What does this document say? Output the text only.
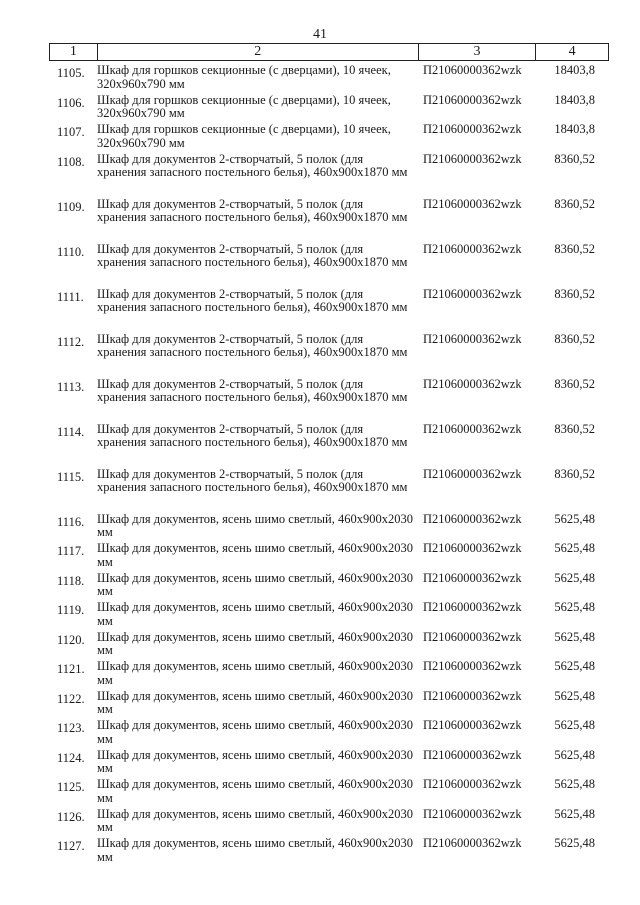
41
1	2	3	4
1105. Шкаф для горшков секционные (с дверцами), 10 ячеек, 320х960х790 мм
П21060000362wzk	18403,8
1106. Шкаф для горшков секционные (с дверцами), 10 ячеек, 320х960х790 мм
П21060000362wzk	18403,8
1107. Шкаф для горшков секционные (с дверцами), 10 ячеек, 320х960х790 мм
П21060000362wzk	18403,8
1108. Шкаф для документов 2-створчатый, 5 полок (для хранения запасного постельного белья), 460х900х1870 мм
П21060000362wzk	8360,52
1109. Шкаф для документов 2-створчатый, 5 полок (для хранения запасного постельного белья), 460х900х1870 мм
П21060000362wzk	8360,52
1110.	Шкаф для документов 2-створчатый, 5 полок (для хранения запасного постельного белья), 460х900х1870 мм
П21060000362wzk	8360,52
1111.	Шкаф для документов 2-створчатый, 5 полок (для хранения запасного постельного белья), 460х900х1870 мм
П21060000362wzk	8360,52
1112.	Шкаф для документов 2-створчатый, 5 полок (для хранения запасного постельного белья), 460х900х1870 мм
П21060000362wzk	8360,52
1113.	Шкаф для документов 2-створчатый, 5 полок (для хранения запасного постельного белья), 460х900х1870 мм
П21060000362wzk	8360,52
1114.	Шкаф для документов 2-створчатый, 5 полок (для хранения запасного постельного белья), 460х900х1870 мм
П21060000362wzk	8360,52
1115.	Шкаф для документов 2-створчатый, 5 полок (для хранения запасного постельного белья), 460х900х1870 мм
П21060000362wzk	8360,52
1116.	Шкаф для документов, ясень шимо светлый, 460х900х2030 мм
П21060000362wzk	5625,48
1117.	Шкаф для документов, ясень шимо светлый, 460х900х2030 мм
П21060000362wzk	5625,48
1118.	Шкаф для документов, ясень шимо светлый, 460х900х2030 мм
П21060000362wzk	5625,48
1119.	Шкаф для документов, ясень шимо светлый, 460х900х2030 мм
П21060000362wzk	5625,48
1120. Шкаф для документов, ясень шимо светлый, 460х900х2030 мм
П21060000362wzk	5625,48
1121. Шкаф для документов, ясень шимо светлый, 460х900х2030 мм
П21060000362wzk	5625,48
1122. Шкаф для документов, ясень шимо светлый, 460х900х2030 мм
П21060000362wzk	5625,48
1123. Шкаф для документов, ясень шимо светлый, 460х900х2030 мм
П21060000362wzk	5625,48
1124. Шкаф для документов, ясень шимо светлый, 460х900х2030 мм
П21060000362wzk	5625,48
1125. Шкаф для документов, ясень шимо светлый, 460х900х2030 мм
П21060000362wzk	5625,48
1126. Шкаф для документов, ясень шимо светлый, 460х900х2030 мм
П21060000362wzk	5625,48
1127. Шкаф для документов, ясень шимо светлый, 460х900х2030 мм
П21060000362wzk	5625,48
